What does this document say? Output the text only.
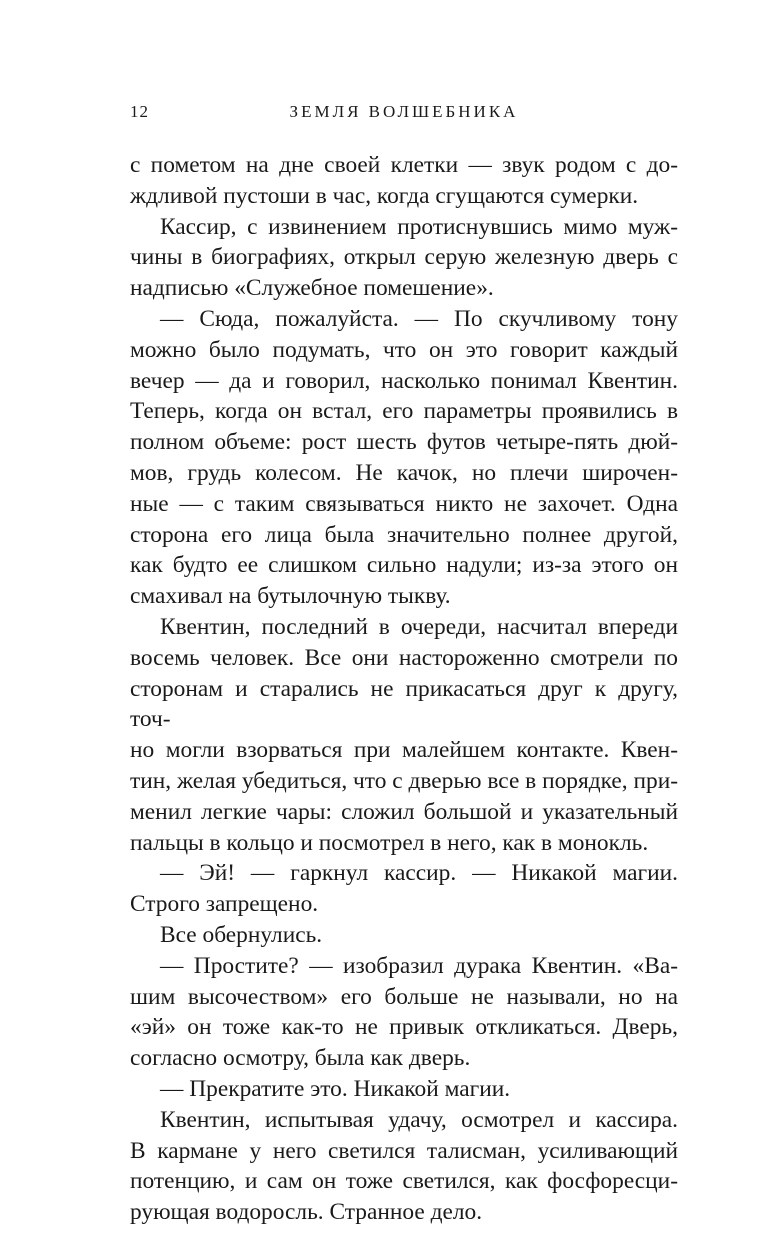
12	ЗЕМЛЯ ВОЛШЕБНИКА

с пометом на дне своей клетки — звук родом с до-

ждливой пустоши в час, когда сгущаются сумерки.

Кассир, с извинением протиснувшись мимо муж-

чины в биографиях, открыл серую железную дверь с

надписью «Служебное помешение».

— Сюда, пожалуйста. — По скучливому тону

можно было подумать, что он это говорит каждый

вечер — да и говорил, насколько понимал Квентин.

Теперь, когда он встал, его параметры проявились в

полном объеме: рост шесть футов четыре-пять дюй-

мов, грудь колесом. Не качок, но плечи широчен-

ные — с таким связываться никто не захочет. Одна

сторона его лица была значительно полнее другой,

как будто ее слишком сильно надули; из-за этого он

смахивал на бутылочную тыкву.

Квентин, последний в очереди, насчитал впереди

восемь человек. Все они настороженно смотрели по

сторонам и старались не прикасаться друг к другу, точ-

но могли взорваться при малейшем контакте. Квен-

тин, желая убедиться, что с дверью все в порядке, при-

менил легкие чары: сложил большой и указательный

пальцы в кольцо и посмотрел в него, как в монокль.

— Эй! — гаркнул кассир. — Никакой магии.

Строго запрещено.

Все обернулись.

— Простите? — изобразил дурака Квентин. «Ва-

шим высочеством» его больше не называли, но на

«эй» он тоже как-то не привык откликаться. Дверь,

согласно осмотру, была как дверь.

— Прекратите это. Никакой магии.

Квентин, испытывая удачу, осмотрел и кассира.

В кармане у него светился талисман, усиливающий

потенцию, и сам он тоже светился, как фосфоресци-

рующая водоросль. Странное дело.
